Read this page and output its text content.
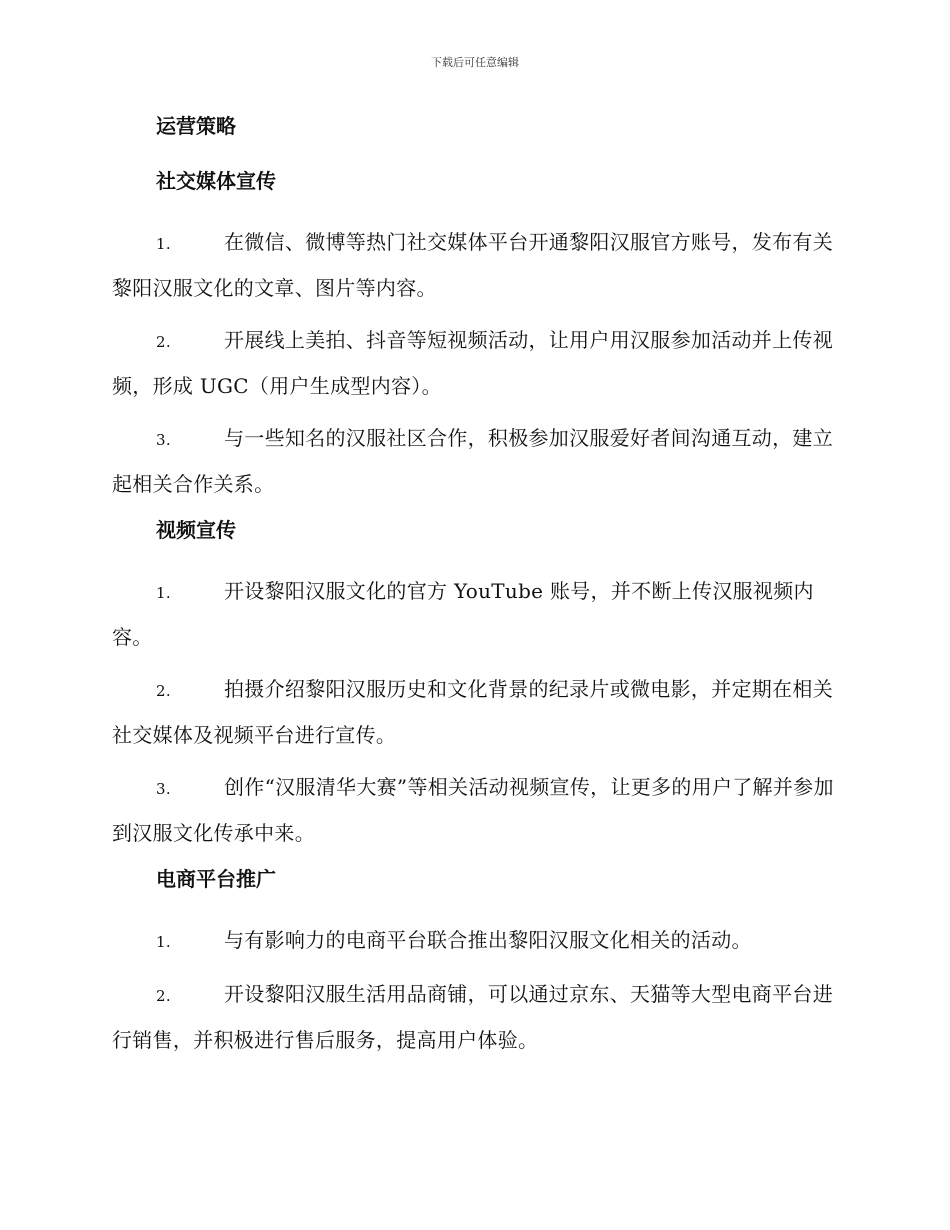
下载后可任意编辑
运营策略
社交媒体宣传

1.	在微信、微博等热门社交媒体平台开通黎阳汉服官方账号，发布有关黎阳汉服文化的文章、图片等内容。

2.	开展线上美拍、抖音等短视频活动，让用户用汉服参加活动并上传视频，形成 UGC（用户生成型内容）。

3.	与一些知名的汉服社区合作，积极参加汉服爱好者间沟通互动，建立起相关合作关系。

视频宣传

1.	开设黎阳汉服文化的官方 YouTube 账号，并不断上传汉服视频内容。

2.	拍摄介绍黎阳汉服历史和文化背景的纪录片或微电影，并定期在相关社交媒体及视频平台进行宣传。

3.	创作“汉服清华大赛”等相关活动视频宣传，让更多的用户了解并参加到汉服文化传承中来。

电商平台推广

1.	与有影响力的电商平台联合推出黎阳汉服文化相关的活动。

2.	开设黎阳汉服生活用品商铺，可以通过京东、天猫等大型电商平台进行销售，并积极进行售后服务，提高用户体验。
